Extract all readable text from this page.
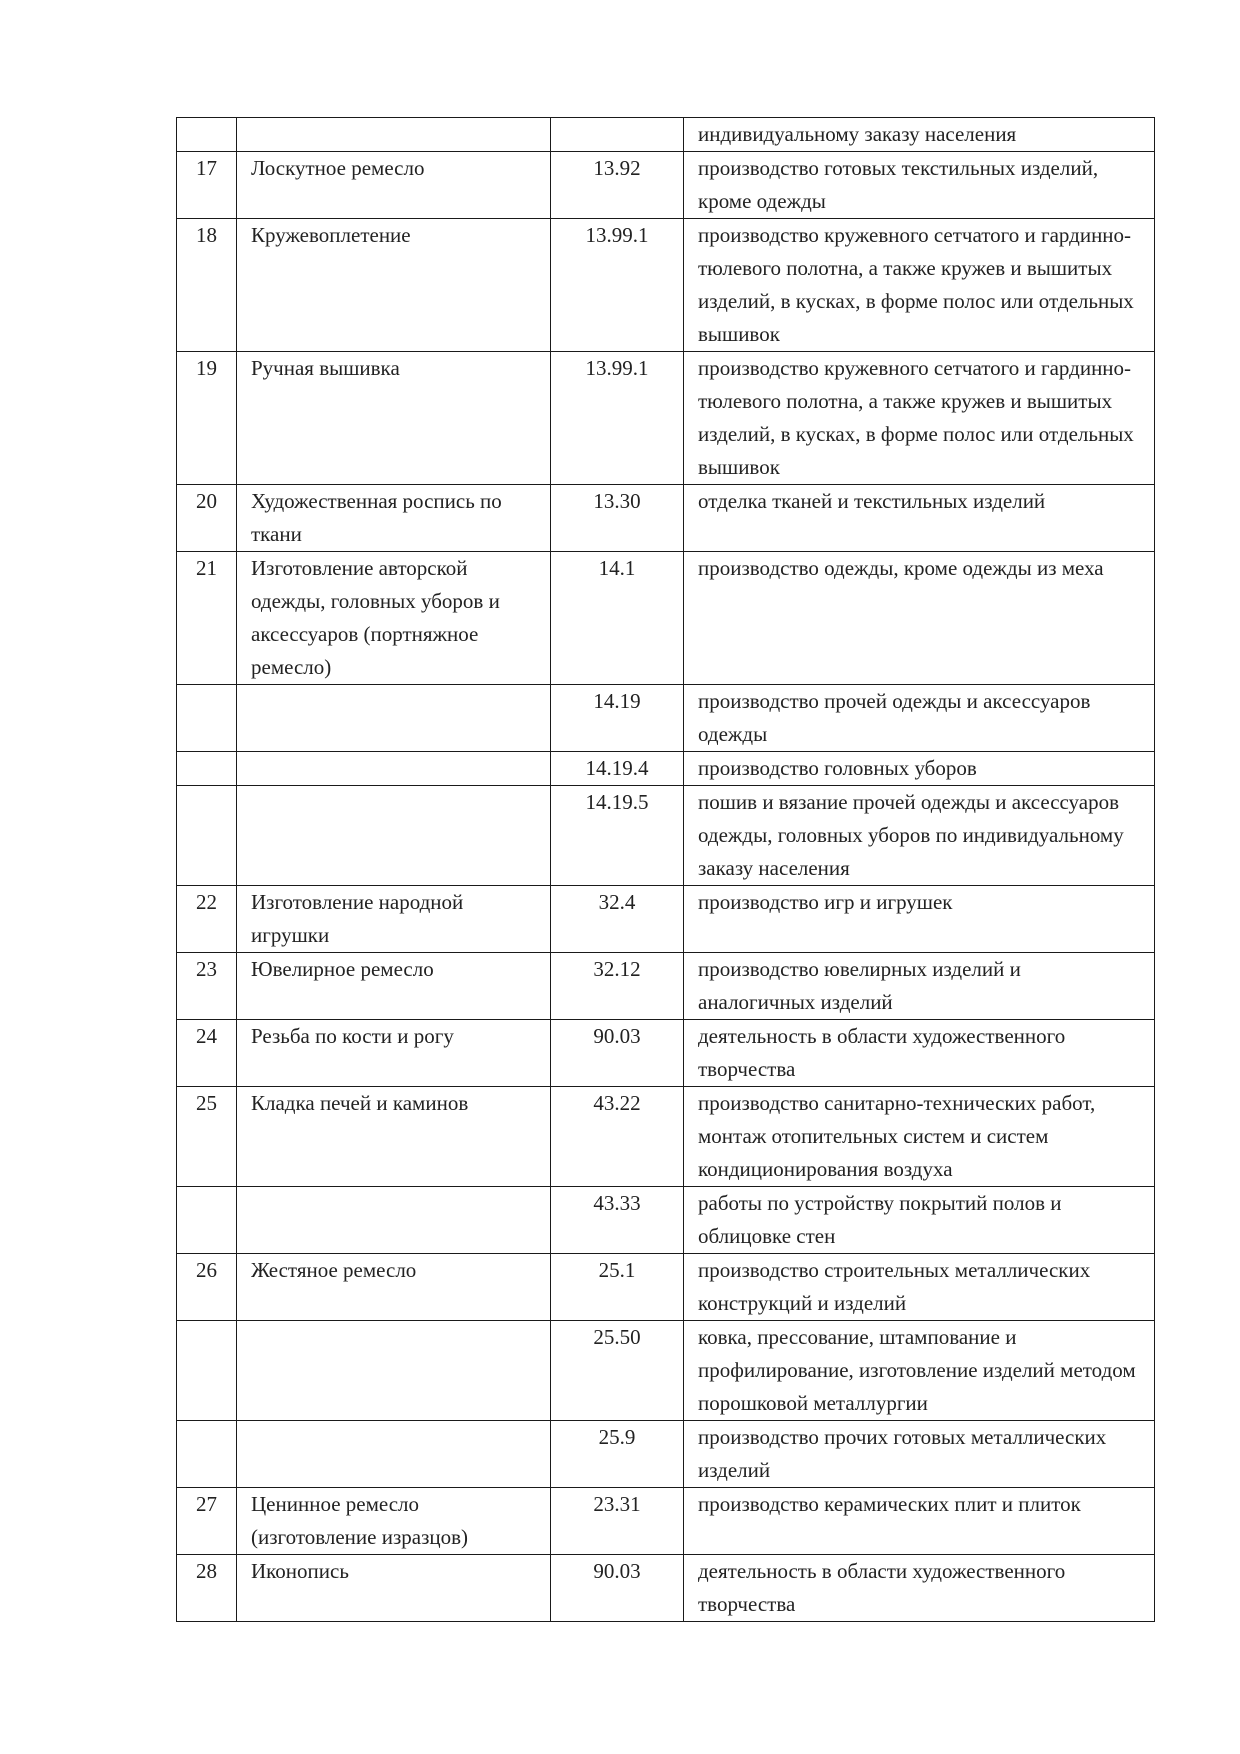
			индивидуальному заказу населения
17	Лоскутное ремесло	13.92	производство готовых текстильных изделий, кроме одежды
18	Кружевоплетение	13.99.1	производство кружевного сетчатого и гардинно-тюлевого полотна, а также кружев и вышитых изделий, в кусках, в форме полос или отдельных вышивок
19	Ручная вышивка	13.99.1	производство кружевного сетчатого и гардинно-тюлевого полотна, а также кружев и вышитых изделий, в кусках, в форме полос или отдельных вышивок
20	Художественная роспись по ткани	13.30	отделка тканей и текстильных изделий
21	Изготовление авторской одежды, головных уборов и аксессуаров (портняжное ремесло)	14.1	производство одежды, кроме одежды из меха
		14.19	производство прочей одежды и аксессуаров одежды
		14.19.4	производство головных уборов
		14.19.5	пошив и вязание прочей одежды и аксессуаров одежды, головных уборов по индивидуальному заказу населения
22	Изготовление народной игрушки	32.4	производство игр и игрушек
23	Ювелирное ремесло	32.12	производство ювелирных изделий и аналогичных изделий
24	Резьба по кости и рогу	90.03	деятельность в области художественного творчества
25	Кладка печей и каминов	43.22	производство санитарно-технических работ, монтаж отопительных систем и систем кондиционирования воздуха
		43.33	работы по устройству покрытий полов и облицовке стен
26	Жестяное ремесло	25.1	производство строительных металлических конструкций и изделий
		25.50	ковка, прессование, штампование и профилирование, изготовление изделий методом порошковой металлургии
		25.9	производство прочих готовых металлических изделий
27	Ценинное ремесло (изготовление изразцов)	23.31	производство керамических плит и плиток
28	Иконопись	90.03	деятельность в области художественного творчества
